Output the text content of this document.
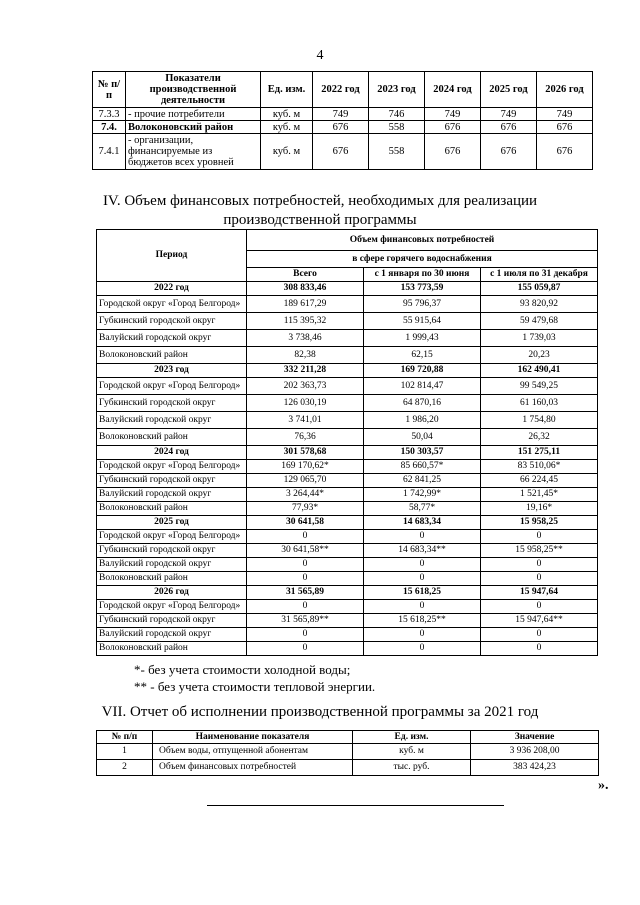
4
№ п/п	Показатели производственной деятельности	Ед. изм.	2022 год	2023 год	2024 год	2025 год	2026 год
7.3.3	- прочие потребители	куб. м	749	746	749	749	749
7.4.	Волоконовский район	куб. м	676	558	676	676	676
7.4.1	- организации, финансируемые из бюджетов всех уровней	куб. м	676	558	676	676	676
IV. Объем финансовых потребностей, необходимых для реализации
производственной программы
Период	Объем финансовых потребностей		
	в сфере горячего водоснабжения		
	Всего	с 1 января по 30 июня	с 1 июля по 31 декабря
2022 год	308 833,46	153 773,59	155 059,87
Городской округ «Город Белгород»	189 617,29	95 796,37	93 820,92
Губкинский городской округ	115 395,32	55 915,64	59 479,68
Валуйский городской округ	3 738,46	1 999,43	1 739,03
Волоконовский район	82,38	62,15	20,23
2023 год	332 211,28	169 720,88	162 490,41
Городской округ «Город Белгород»	202 363,73	102 814,47	99 549,25
Губкинский городской округ	126 030,19	64 870,16	61 160,03
Валуйский городской округ	3 741,01	1 986,20	1 754,80
Волоконовский район	76,36	50,04	26,32
2024 год	301 578,68	150 303,57	151 275,11
Городской округ «Город Белгород»	169 170,62*	85 660,57*	83 510,06*
Губкинский городской округ	129 065,70	62 841,25	66 224,45
Валуйский городской округ	3 264,44*	1 742,99*	1 521,45*
Волоконовский район	77,93*	58,77*	19,16*
2025 год	30 641,58	14 683,34	15 958,25
Городской округ «Город Белгород»	0	0	0
Губкинский городской округ	30 641,58**	14 683,34**	15 958,25**
Валуйский городской округ	0	0	0
Волоконовский район	0	0	0
2026 год	31 565,89	15 618,25	15 947,64
Городской округ «Город Белгород»	0	0	0
Губкинский городской округ	31 565,89**	15 618,25**	15 947,64**
Валуйский городской округ	0	0	0
Волоконовский район	0	0	0
*- без учета стоимости холодной воды;
** - без учета стоимости тепловой энергии.
VII. Отчет об исполнении производственной программы за 2021 год
№ п/п	Наименование показателя	Ед. изм.	Значение
1	Объем воды, отпущенной абонентам	куб. м	3 936 208,00
2	Объем финансовых потребностей	тыс. руб.	383 424,23
».
